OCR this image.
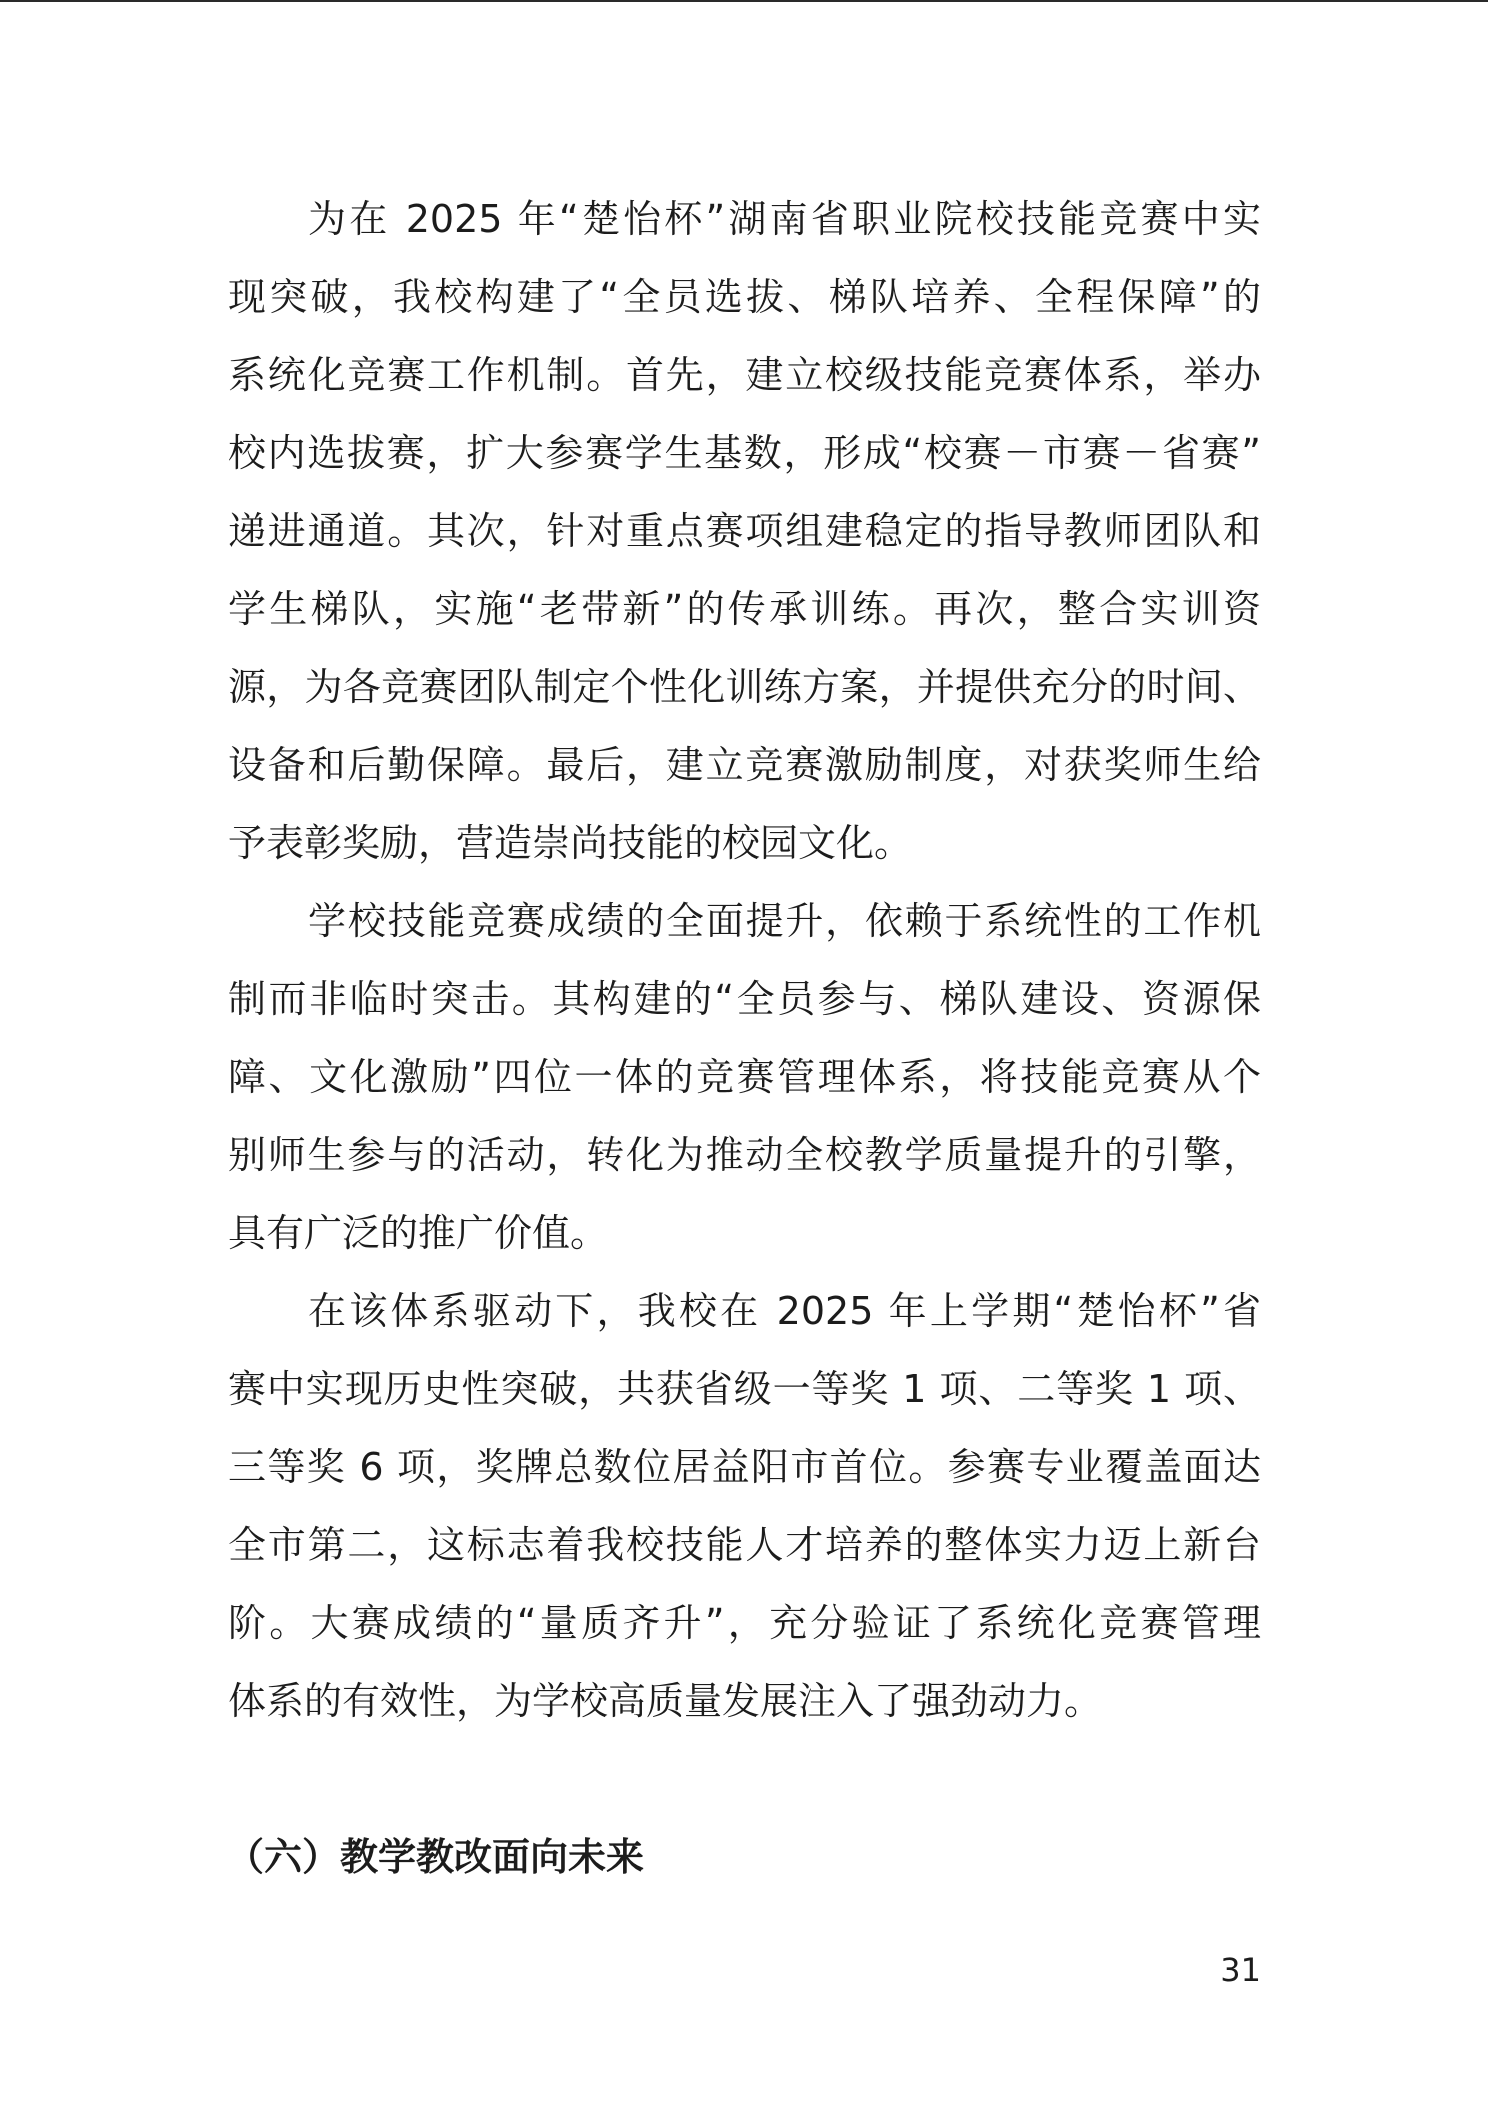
为在 2025 年“楚怡杯”湖南省职业院校技能竞赛中实
现突破，我校构建了“全员选拔、梯队培养、全程保障”的
系统化竞赛工作机制。首先，建立校级技能竞赛体系，举办
校内选拔赛，扩大参赛学生基数，形成“校赛－市赛－省赛”
递进通道。其次，针对重点赛项组建稳定的指导教师团队和
学生梯队，实施“老带新”的传承训练。再次，整合实训资
源，为各竞赛团队制定个性化训练方案，并提供充分的时间、
设备和后勤保障。最后，建立竞赛激励制度，对获奖师生给
予表彰奖励，营造崇尚技能的校园文化。
学校技能竞赛成绩的全面提升，依赖于系统性的工作机
制而非临时突击。其构建的“全员参与、梯队建设、资源保
障、文化激励”四位一体的竞赛管理体系，将技能竞赛从个
别师生参与的活动，转化为推动全校教学质量提升的引擎，
具有广泛的推广价值。
在该体系驱动下，我校在 2025 年上学期“楚怡杯”省
赛中实现历史性突破，共获省级一等奖 1 项、二等奖 1 项、
三等奖 6 项，奖牌总数位居益阳市首位。参赛专业覆盖面达
全市第二，这标志着我校技能人才培养的整体实力迈上新台
阶。大赛成绩的“量质齐升”，充分验证了系统化竞赛管理
体系的有效性，为学校高质量发展注入了强劲动力。
（六）教学教改面向未来
31
